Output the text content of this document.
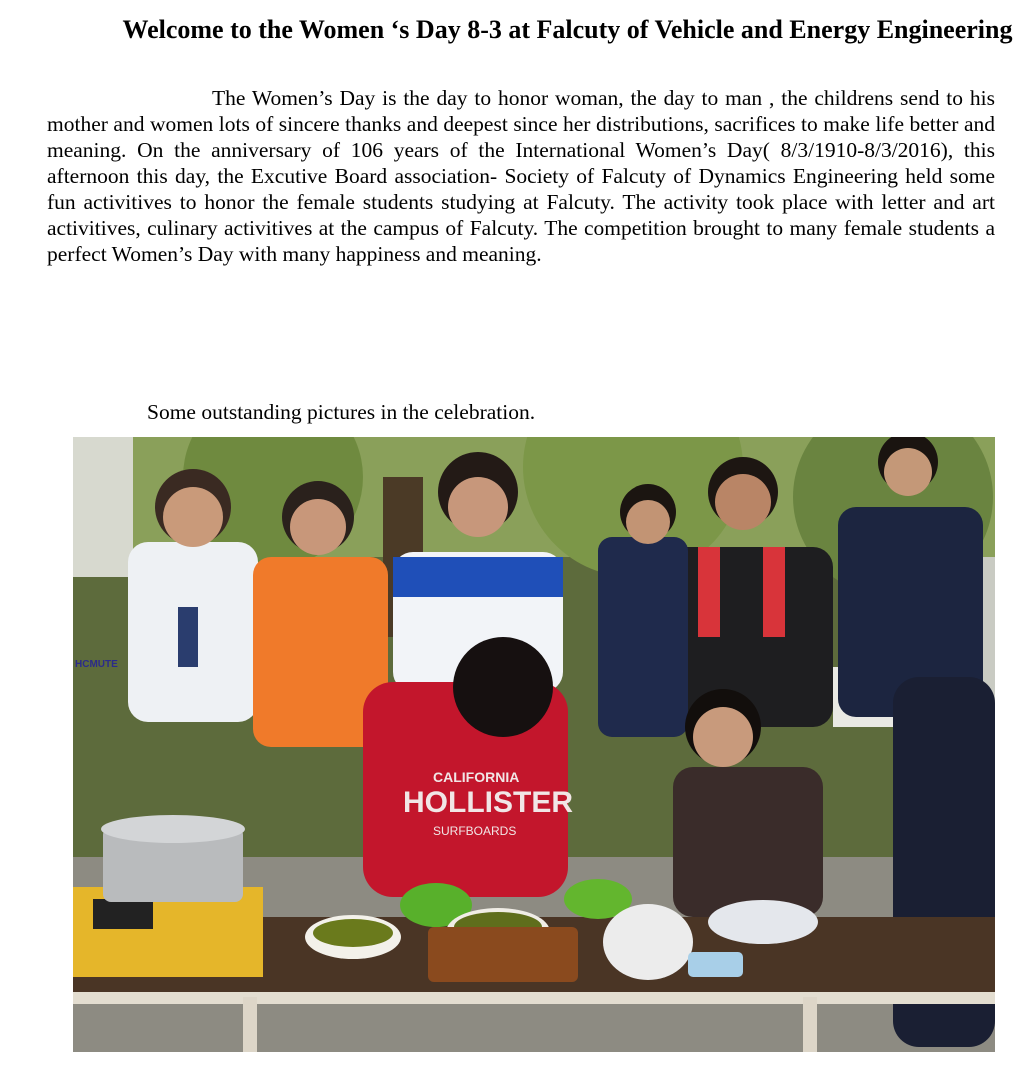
Welcome to the Women ‘s Day 8-3 at Falcuty of Vehicle and Energy Engineering
The Women’s Day is the day to honor woman, the day to man , the childrens send to his mother and women lots of sincere thanks and deepest since her distributions, sacrifices to make life better and meaning. On the anniversary of 106 years of the International Women’s Day( 8/3/1910-8/3/2016), this afternoon this day, the Excutive Board association- Society of Falcuty of Dynamics Engineering held some fun activitives to honor the female students studying at Falcuty. The activity took place with letter and art activitives, culinary activitives at the campus of Falcuty. The competition brought to many female students a perfect Women’s Day with many happiness and meaning.
Some outstanding pictures in the celebration.
CALIFORNIA
HOLLISTER
SURFBOARDS
HCMUTE
